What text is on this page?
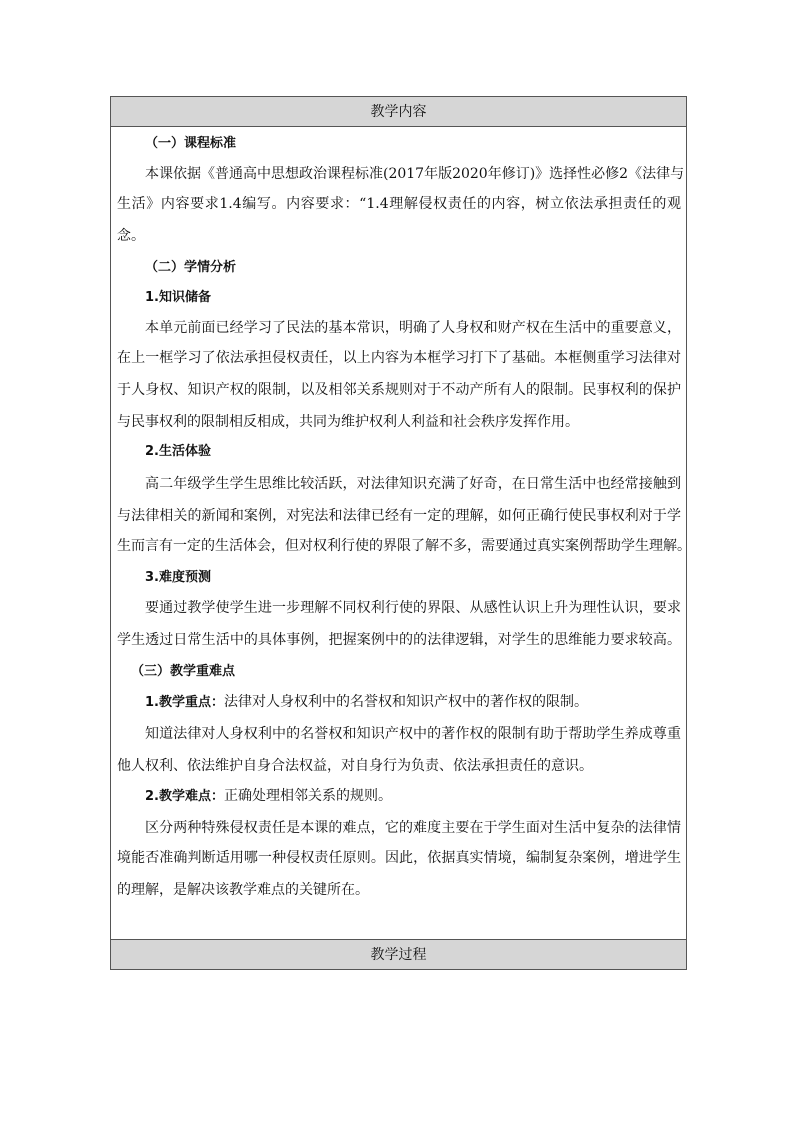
教学内容
（一）课程标准
本课依据《普通高中思想政治课程标准(2017年版2020年修订)》选择性必修2《法律与
生活》内容要求1.4编写。内容要求：“1.4理解侵权责任的内容，树立依法承担责任的观
念。
（二）学情分析
1.知识储备
本单元前面已经学习了民法的基本常识，明确了人身权和财产权在生活中的重要意义，
在上一框学习了依法承担侵权责任，以上内容为本框学习打下了基础。本框侧重学习法律对
于人身权、知识产权的限制，以及相邻关系规则对于不动产所有人的限制。民事权利的保护
与民事权利的限制相反相成，共同为维护权利人利益和社会秩序发挥作用。
2.生活体验
高二年级学生学生思维比较活跃，对法律知识充满了好奇，在日常生活中也经常接触到
与法律相关的新闻和案例，对宪法和法律已经有一定的理解，如何正确行使民事权利对于学
生而言有一定的生活体会，但对权利行使的界限了解不多，需要通过真实案例帮助学生理解。
3.难度预测
要通过教学使学生进一步理解不同权利行使的界限、从感性认识上升为理性认识，要求
学生透过日常生活中的具体事例，把握案例中的的法律逻辑，对学生的思维能力要求较高。
（三）教学重难点
1.教学重点：法律对人身权利中的名誉权和知识产权中的著作权的限制。
知道法律对人身权利中的名誉权和知识产权中的著作权的限制有助于帮助学生养成尊重
他人权利、依法维护自身合法权益，对自身行为负责、依法承担责任的意识。
2.教学难点：正确处理相邻关系的规则。
区分两种特殊侵权责任是本课的难点，它的难度主要在于学生面对生活中复杂的法律情
境能否准确判断适用哪一种侵权责任原则。因此，依据真实情境，编制复杂案例，增进学生
的理解，是解决该教学难点的关键所在。
教学过程
